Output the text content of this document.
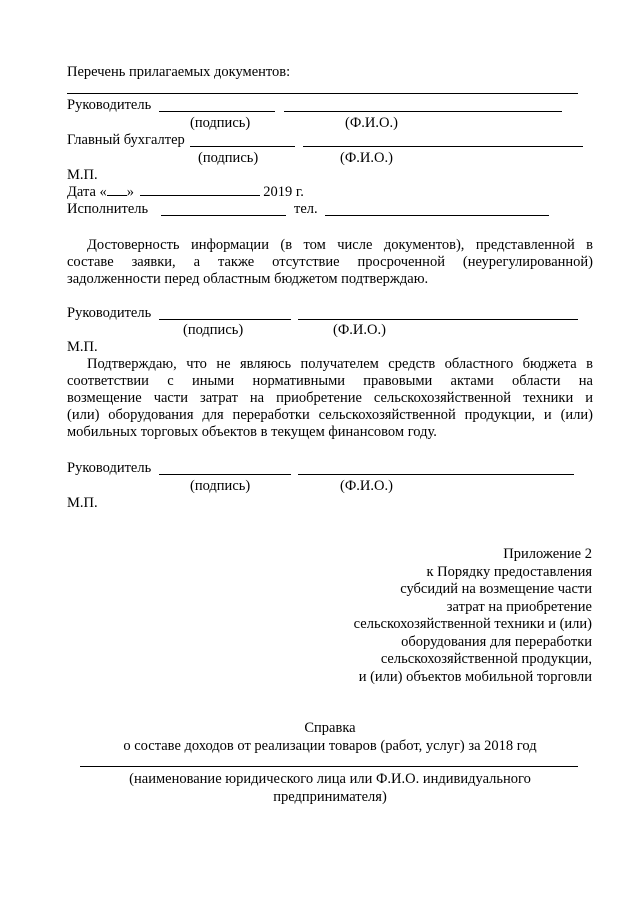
Перечень прилагаемых документов:
Руководитель
(подпись)	(Ф.И.О.)
Главный бухгалтер
(подпись)	(Ф.И.О.)
М.П.
Дата « »	2019 г.
Исполнитель	тел.
Достоверность информации (в том числе документов), представленной в
составе заявки, а также отсутствие просроченной (неурегулированной)
задолженности перед областным бюджетом подтверждаю.
Руководитель
(подпись)	(Ф.И.О.)
М.П.
Подтверждаю, что не являюсь получателем средств областного бюджета в
соответствии с иными нормативными правовыми актами области на
возмещение части затрат на приобретение сельскохозяйственной техники и
(или) оборудования для переработки сельскохозяйственной продукции, и (или)
мобильных торговых объектов в текущем финансовом году.
Руководитель
(подпись)	(Ф.И.О.)
М.П.
Приложение 2
к Порядку предоставления
субсидий на возмещение части
затрат на приобретение
сельскохозяйственной техники и (или)
оборудования для переработки
сельскохозяйственной продукции,
и (или) объектов мобильной торговли
Справка
о составе доходов от реализации товаров (работ, услуг) за 2018 год
(наименование юридического лица или Ф.И.О. индивидуального
предпринимателя)
